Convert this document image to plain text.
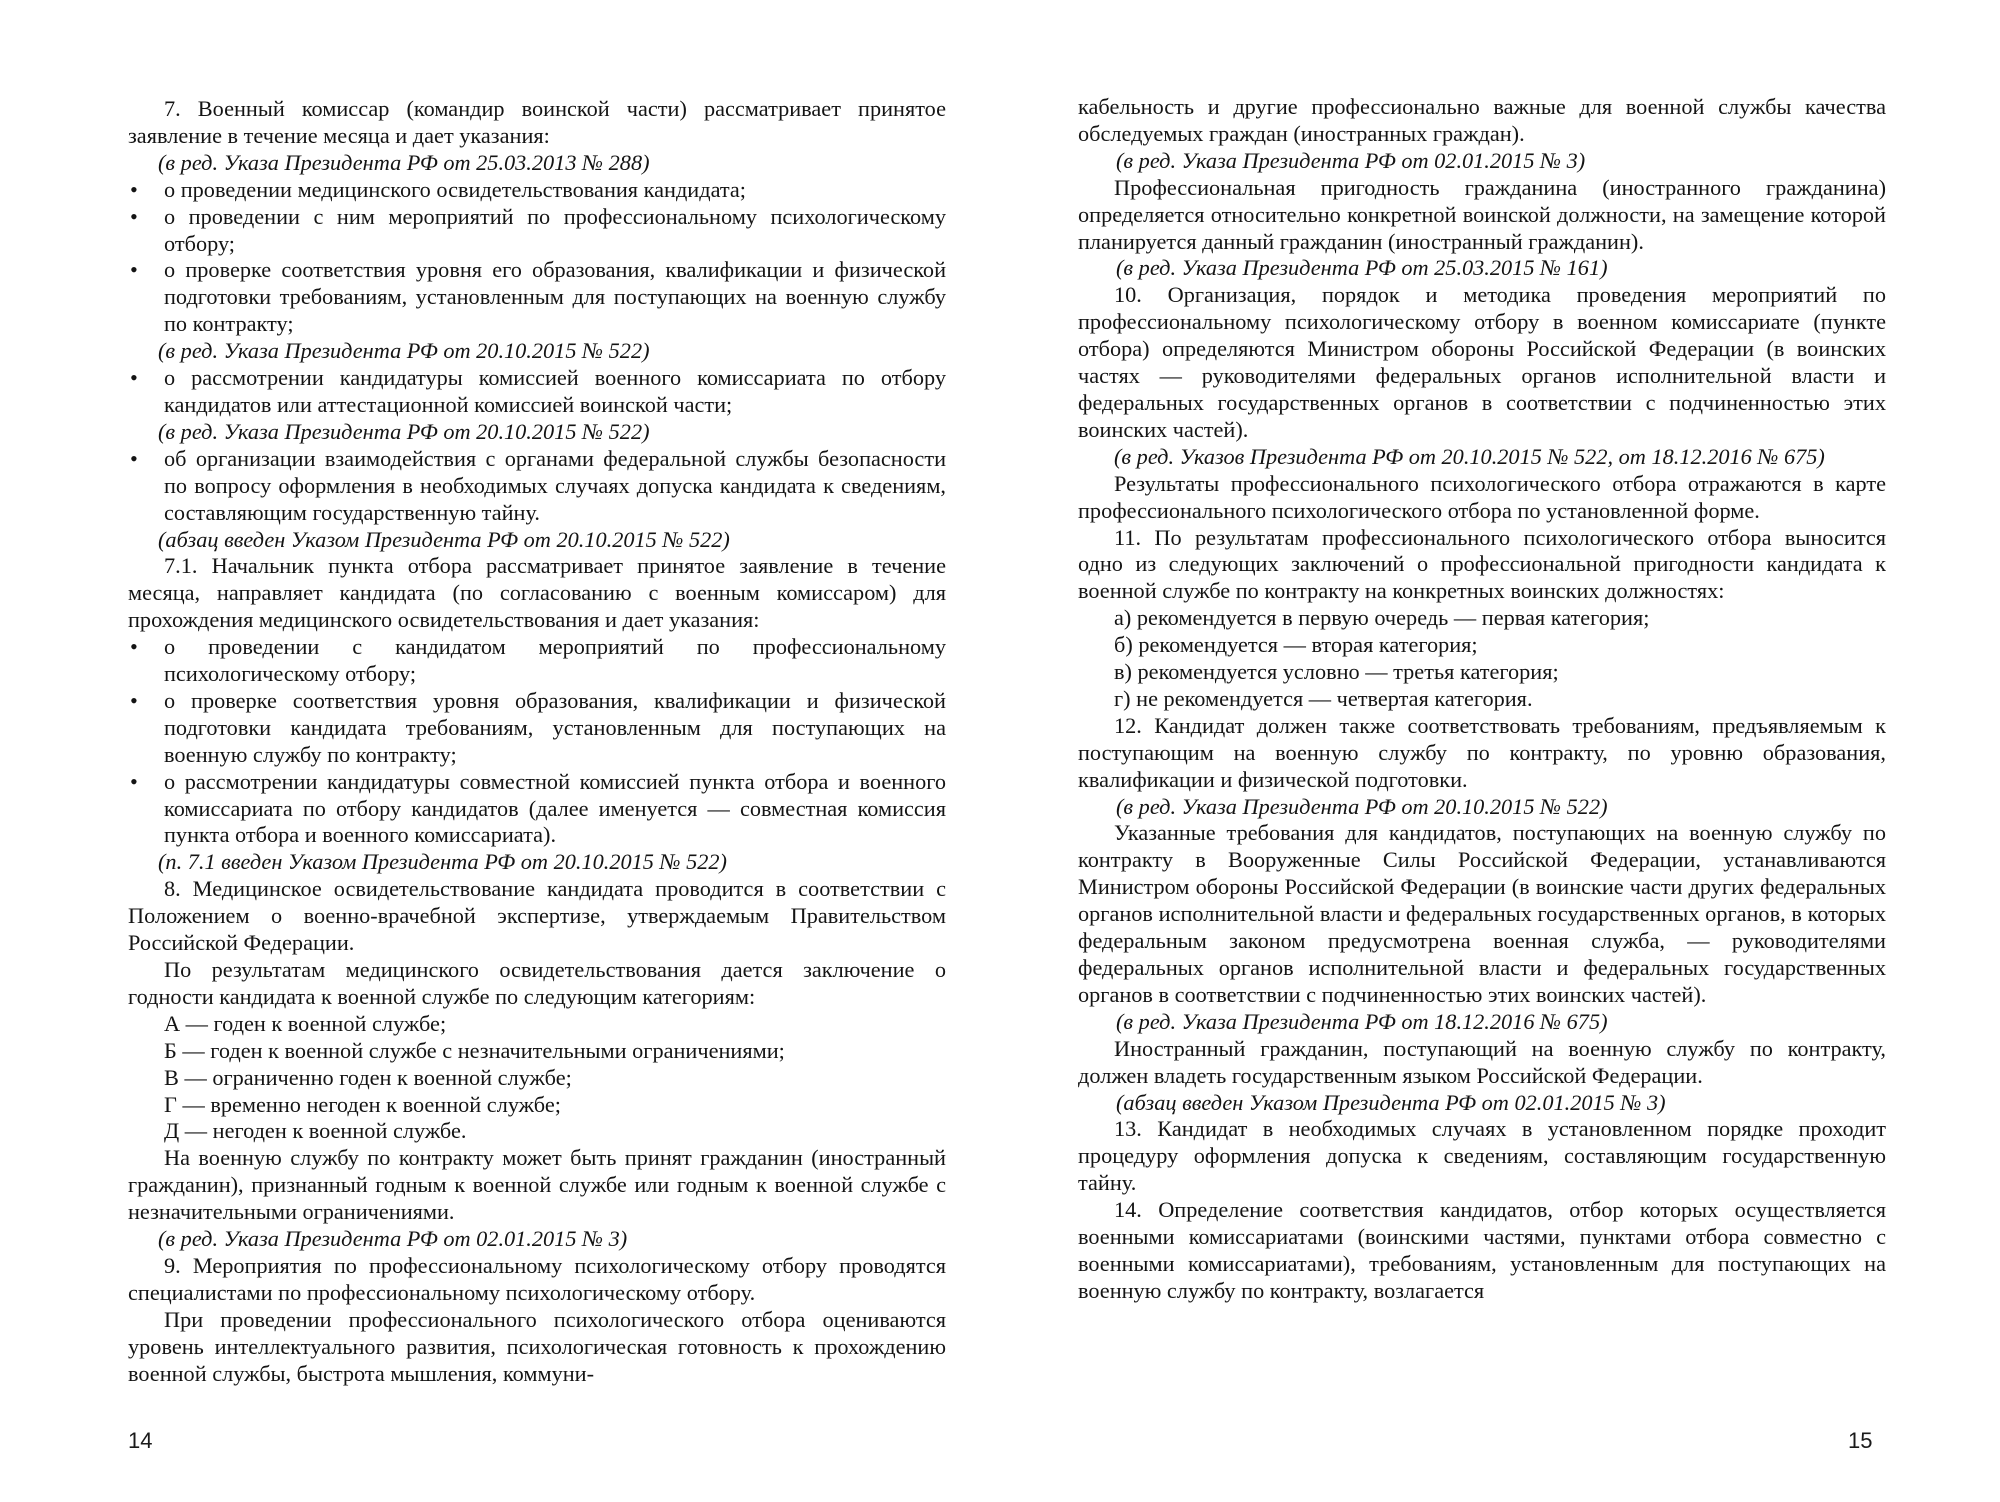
7. Военный комиссар (командир воинской части) рассматривает принятое заявление в течение месяца и дает указания:

(в ред. Указа Президента РФ от 25.03.2013 № 288)

• о проведении медицинского освидетельствования кандидата;

• о проведении с ним мероприятий по профессиональному психологическому отбору;

• о проверке соответствия уровня его образования, квалификации и физической подготовки требованиям, установленным для поступающих на военную службу по контракту;

(в ред. Указа Президента РФ от 20.10.2015 № 522)

• о рассмотрении кандидатуры комиссией военного комиссариата по отбору кандидатов или аттестационной комиссией воинской части;

(в ред. Указа Президента РФ от 20.10.2015 № 522)

• об организации взаимодействия с органами федеральной службы безопасности по вопросу оформления в необходимых случаях допуска кандидата к сведениям, составляющим государственную тайну.

(абзац введен Указом Президента РФ от 20.10.2015 № 522)

7.1. Начальник пункта отбора рассматривает принятое заявление в течение месяца, направляет кандидата (по согласованию с военным комиссаром) для прохождения медицинского освидетельствования и дает указания:

• о проведении с кандидатом мероприятий по профессиональному психологическому отбору;

• о проверке соответствия уровня образования, квалификации и физической подготовки кандидата требованиям, установленным для поступающих на военную службу по контракту;

• о рассмотрении кандидатуры совместной комиссией пункта отбора и военного комиссариата по отбору кандидатов (далее именуется — совместная комиссия пункта отбора и военного комиссариата).

(п. 7.1 введен Указом Президента РФ от 20.10.2015 № 522)

8. Медицинское освидетельствование кандидата проводится в соответствии с Положением о военно-врачебной экспертизе, утверждаемым Правительством Российской Федерации.

По результатам медицинского освидетельствования дается заключение о годности кандидата к военной службе по следующим категориям:

А — годен к военной службе;

Б — годен к военной службе с незначительными ограничениями;

В — ограниченно годен к военной службе;

Г — временно негоден к военной службе;

Д — негоден к военной службе.

На военную службу по контракту может быть принят гражданин (иностранный гражданин), признанный годным к военной службе или годным к военной службе с незначительными ограничениями.

(в ред. Указа Президента РФ от 02.01.2015 № 3)

9. Мероприятия по профессиональному психологическому отбору проводятся специалистами по профессиональному психологическому отбору.

При проведении профессионального психологического отбора оцениваются уровень интеллектуального развития, психологическая готовность к прохождению военной службы, быстрота мышления, коммуни-

кабельность и другие профессионально важные для военной службы качества обследуемых граждан (иностранных граждан).

(в ред. Указа Президента РФ от 02.01.2015 № 3)

Профессиональная пригодность гражданина (иностранного гражданина) определяется относительно конкретной воинской должности, на замещение которой планируется данный гражданин (иностранный гражданин).

(в ред. Указа Президента РФ от 25.03.2015 № 161)

10. Организация, порядок и методика проведения мероприятий по профессиональному психологическому отбору в военном комиссариате (пункте отбора) определяются Министром обороны Российской Федерации (в воинских частях — руководителями федеральных органов исполнительной власти и федеральных государственных органов в соответствии с подчиненностью этих воинских частей).

(в ред. Указов Президента РФ от 20.10.2015 № 522, от 18.12.2016 № 675)

Результаты профессионального психологического отбора отражаются в карте профессионального психологического отбора по установленной форме.

11. По результатам профессионального психологического отбора выносится одно из следующих заключений о профессиональной пригодности кандидата к военной службе по контракту на конкретных воинских должностях:

а) рекомендуется в первую очередь — первая категория;

б) рекомендуется — вторая категория;

в) рекомендуется условно — третья категория;

г) не рекомендуется — четвертая категория.

12. Кандидат должен также соответствовать требованиям, предъявляемым к поступающим на военную службу по контракту, по уровню образования, квалификации и физической подготовки.

(в ред. Указа Президента РФ от 20.10.2015 № 522)

Указанные требования для кандидатов, поступающих на военную службу по контракту в Вооруженные Силы Российской Федерации, устанавливаются Министром обороны Российской Федерации (в воинские части других федеральных органов исполнительной власти и федеральных государственных органов, в которых федеральным законом предусмотрена военная служба, — руководителями федеральных органов исполнительной власти и федеральных государственных органов в соответствии с подчиненностью этих воинских частей).

(в ред. Указа Президента РФ от 18.12.2016 № 675)

Иностранный гражданин, поступающий на военную службу по контракту, должен владеть государственным языком Российской Федерации.

(абзац введен Указом Президента РФ от 02.01.2015 № 3)

13. Кандидат в необходимых случаях в установленном порядке проходит процедуру оформления допуска к сведениям, составляющим государственную тайну.

14. Определение соответствия кандидатов, отбор которых осуществляется военными комиссариатами (воинскими частями, пунктами отбора совместно с военными комиссариатами), требованиям, установленным для поступающих на военную службу по контракту, возлагается

14	15
